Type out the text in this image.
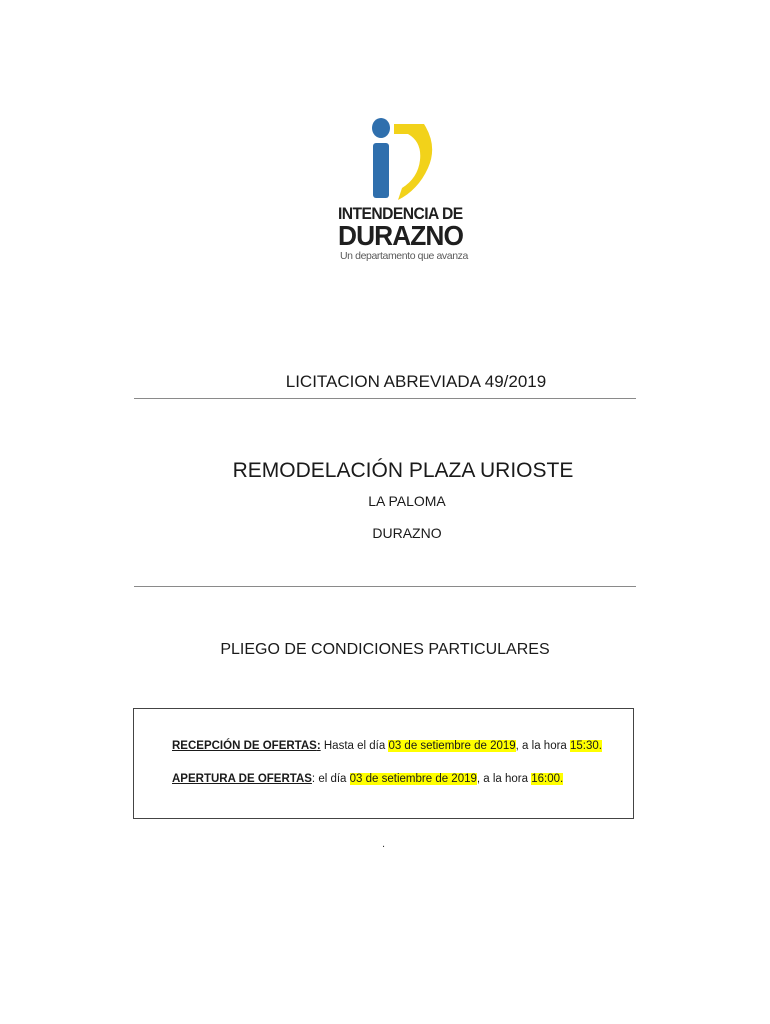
INTENDENCIA DE
DURAZNO
Un departamento que avanza
LICITACION ABREVIADA 49/2019
REMODELACIÓN PLAZA URIOSTE
LA PALOMA
DURAZNO
PLIEGO DE CONDICIONES PARTICULARES
RECEPCIÓN DE OFERTAS: Hasta el día 03 de setiembre de 2019, a la hora 15:30.
APERTURA DE OFERTAS: el día 03 de setiembre de 2019, a la hora 16:00.
.
